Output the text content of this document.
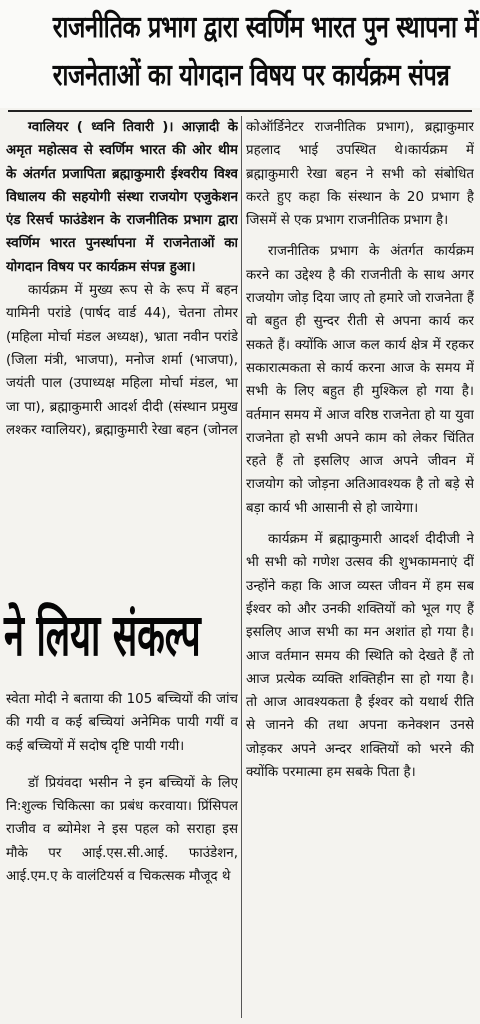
राजनीतिक प्रभाग द्वारा स्वर्णिम भारत पुन स्थापना में
राजनेताओं का योगदान विषय पर कार्यक्रम संपन्न

ग्वालियर ( ध्वनि तिवारी )। आज़ादी के अमृत महोत्सव से स्वर्णिम भारत की ओर थीम के अंतर्गत प्रजापिता ब्रह्माकुमारी ईश्वरीय विश्व विधालय की सहयोगी संस्था राजयोग एजुकेशन एंड रिसर्च फाउंडेशन के राजनीतिक प्रभाग द्वारा स्वर्णिम भारत पुनर्स्थापना में राजनेताओं का योगदान विषय पर कार्यक्रम संपन्न हुआ।

कार्यक्रम में मुख्य रूप से के रूप में बहन यामिनी परांडे (पार्षद वार्ड 44), चेतना तोमर (महिला मोर्चा मंडल अध्यक्ष), भ्राता नवीन परांडे (जिला मंत्री, भाजपा), मनोज शर्मा (भाजपा), जयंती पाल (उपाध्यक्ष महिला मोर्चा मंडल, भा जा पा), ब्रह्माकुमारी आदर्श दीदी (संस्थान प्रमुख लश्कर ग्वालियर), ब्रह्माकुमारी रेखा बहन (जोनल

ने लिया संकल्प

स्वेता मोदी ने बताया की 105 बच्चियों की जांच की गयी व कई बच्चियां अनेमिक पायी गयीं व कई बच्चियों में सदोष दृष्टि पायी गयी।

डॉ प्रियंवदा भसीन ने इन बच्चियों के लिए नि:शुल्क चिकित्सा का प्रबंध करवाया। प्रिंसिपल राजीव व ब्योमेश ने इस पहल को सराहा इस मौके पर आई.एस.सी.आई. फाउंडेशन, आई.एम.ए के वालंटियर्स व चिकत्सक मौजूद थे

कोऑर्डिनेटर राजनीतिक प्रभाग), ब्रह्माकुमार प्रहलाद भाई उपस्थित थे।कार्यक्रम में ब्रह्माकुमारी रेखा बहन ने सभी को संबोधित करते हुए कहा कि संस्थान के 20 प्रभाग है जिसमें से एक प्रभाग राजनीतिक प्रभाग है।

राजनीतिक प्रभाग के अंतर्गत कार्यक्रम करने का उद्देश्य है की राजनीती के साथ अगर राजयोग जोड़ दिया जाए तो हमारे जो राजनेता हैं वो बहुत ही सुन्दर रीती से अपना कार्य कर सकते हैं। क्योंकि आज कल कार्य क्षेत्र में रहकर सकारात्मकता से कार्य करना आज के समय में सभी के लिए बहुत ही मुश्किल हो गया है। वर्तमान समय में आज वरिष्ठ राजनेता हो या युवा राजनेता हो सभी अपने काम को लेकर चिंतित रहते हैं तो इसलिए आज अपने जीवन में राजयोग को जोड़ना अतिआवश्यक है तो बड़े से बड़ा कार्य भी आसानी से हो जायेगा।

कार्यक्रम में ब्रह्माकुमारी आदर्श दीदीजी ने भी सभी को गणेश उत्सव की शुभकामनाएं दीं उन्होंने कहा कि आज व्यस्त जीवन में हम सब ईश्वर को और उनकी शक्तियों को भूल गए हैं इसलिए आज सभी का मन अशांत हो गया है। आज वर्तमान समय की स्थिति को देखते हैं तो आज प्रत्येक व्यक्ति शक्तिहीन सा हो गया है। तो आज आवश्यकता है ईश्वर को यथार्थ रीति से जानने की तथा अपना कनेक्शन उनसे जोड़कर अपने अन्दर शक्तियों को भरने की क्योंकि परमात्मा हम सबके पिता है।
